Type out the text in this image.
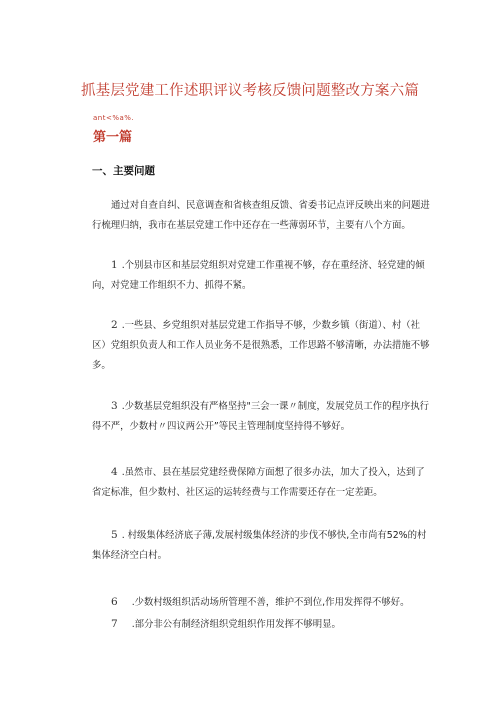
抓基层党建工作述职评议考核反馈问题整改方案六篇
ant<%a%.
第一篇
一、主要问题
通过对自查自纠、民意调查和省核查组反馈、省委书记点评反映出来的问题进行梳理归纳，我市在基层党建工作中还存在一些薄弱环节，主要有八个方面。
1 .个别县市区和基层党组织对党建工作重视不够，存在重经济、轻党建的倾向，对党建工作组织不力、抓得不紧。
2 .一些县、乡党组织对基层党建工作指导不够，少数乡镇（街道）、村（社区）党组织负责人和工作人员业务不是很熟悉，工作思路不够清晰，办法措施不够多。
3 .少数基层党组织没有严格坚持"三会一课〃制度，发展党员工作的程序执行得不严，少数村〃四议两公开”等民主管理制度坚持得不够好。
4 .虽然市、县在基层党建经费保障方面想了很多办法，加大了投入，达到了省定标准，但少数村、社区运的运转经费与工作需要还存在一定差距。
5 . 村级集体经济底子薄,发展村级集体经济的步伐不够快,全市尚有52%的村集体经济空白村。
6 .少数村级组织活动场所管理不善，维护不到位,作用发挥得不够好。
7 .部分非公有制经济组织党组织作用发挥不够明显。
